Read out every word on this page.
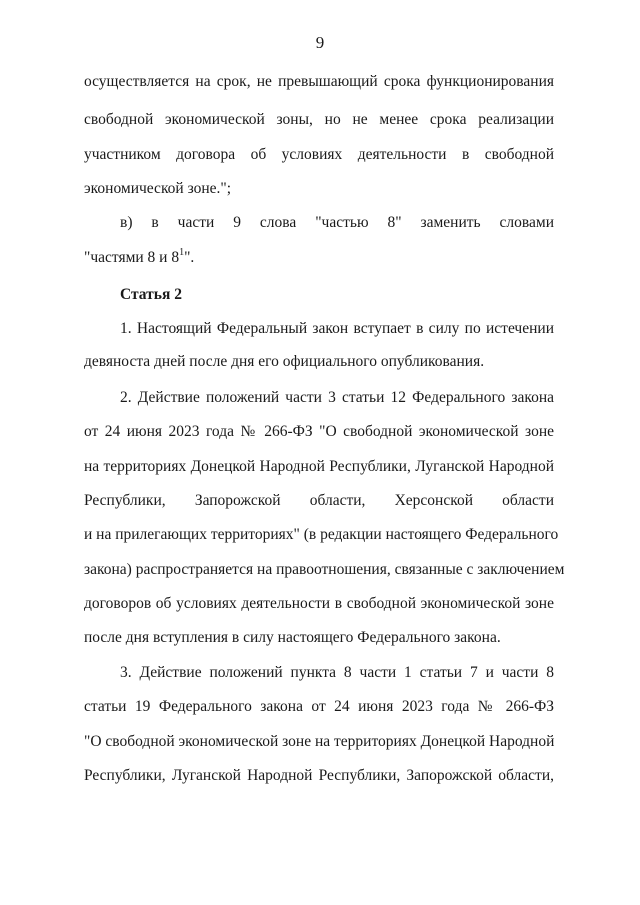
9
осуществляется на срок, не превышающий срока функционирования
свободной экономической зоны, но не менее срока реализации
участником договора об условиях деятельности в свободной
экономической зоне.";
в) в части 9 слова "частью 8" заменить словами
"частями 8 и $8^1$".
Статья 2
1. Настоящий Федеральный закон вступает в силу по истечении
девяноста дней после дня его официального опубликования.
2. Действие положений части 3 статьи 12 Федерального закона
от 24 июня 2023 года № 266-ФЗ "О свободной экономической зоне
на территориях Донецкой Народной Республики, Луганской Народной
Республики, Запорожской области, Херсонской области
и на прилегающих территориях" (в редакции настоящего Федерального
закона) распространяется на правоотношения, связанные с заключением
договоров об условиях деятельности в свободной экономической зоне
после дня вступления в силу настоящего Федерального закона.
3. Действие положений пункта 8 части 1 статьи 7 и части 8
статьи 19 Федерального закона от 24 июня 2023 года № 266-ФЗ
"О свободной экономической зоне на территориях Донецкой Народной
Республики, Луганской Народной Республики, Запорожской области,
